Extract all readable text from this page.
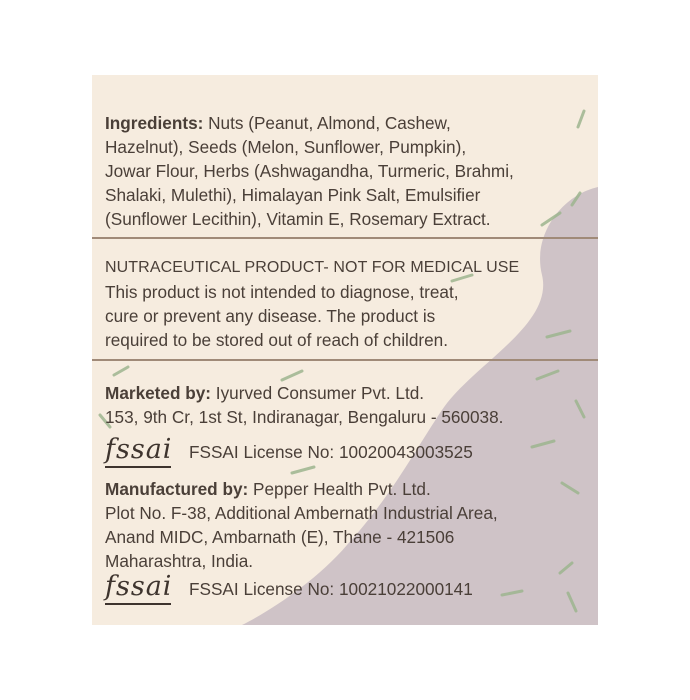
Ingredients: Nuts (Peanut, Almond, Cashew,
Hazelnut), Seeds (Melon, Sunflower, Pumpkin),
Jowar Flour, Herbs (Ashwagandha, Turmeric, Brahmi,
Shalaki, Mulethi), Himalayan Pink Salt, Emulsifier
(Sunflower Lecithin), Vitamin E, Rosemary Extract.
NUTRACEUTICAL PRODUCT- NOT FOR MEDICAL USE
This product is not intended to diagnose, treat,
cure or prevent any disease. The product is
required to be stored out of reach of children.
Marketed by: Iyurved Consumer Pvt. Ltd.
153, 9th Cr, 1st St, Indiranagar, Bengaluru - 560038.
fssai FSSAI License No: 10020043003525
Manufactured by: Pepper Health Pvt. Ltd.
Plot No. F-38, Additional Ambernath Industrial Area,
Anand MIDC, Ambarnath (E), Thane - 421506
Maharashtra, India.
fssai FSSAI License No: 10021022000141
